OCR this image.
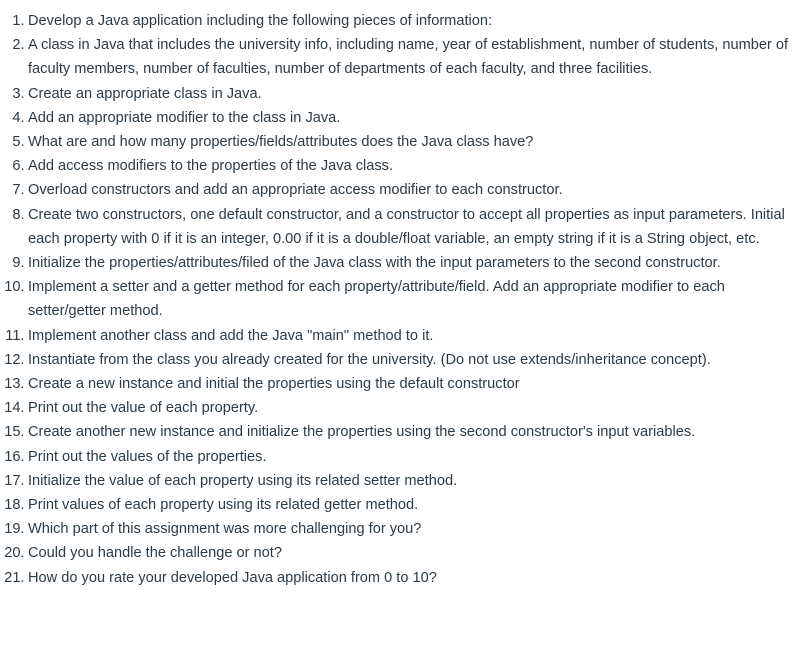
1. Develop a Java application including the following pieces of information:
2. A class in Java that includes the university info, including name, year of establishment, number of students, number of faculty members, number of faculties, number of departments of each faculty, and three facilities.
3. Create an appropriate class in Java.
4. Add an appropriate modifier to the class in Java.
5. What are and how many properties/fields/attributes does the Java class have?
6. Add access modifiers to the properties of the Java class.
7. Overload constructors and add an appropriate access modifier to each constructor.
8. Create two constructors, one default constructor, and a constructor to accept all properties as input parameters. Initial each property with 0 if it is an integer, 0.00 if it is a double/float variable, an empty string if it is a String object, etc.
9. Initialize the properties/attributes/filed of the Java class with the input parameters to the second constructor.
10. Implement a setter and a getter method for each property/attribute/field. Add an appropriate modifier to each setter/getter method.
11. Implement another class and add the Java "main" method to it.
12. Instantiate from the class you already created for the university. (Do not use extends/inheritance concept).
13. Create a new instance and initial the properties using the default constructor
14. Print out the value of each property.
15. Create another new instance and initialize the properties using the second constructor's input variables.
16. Print out the values of the properties.
17. Initialize the value of each property using its related setter method.
18. Print values of each property using its related getter method.
19. Which part of this assignment was more challenging for you?
20. Could you handle the challenge or not?
21. How do you rate your developed Java application from 0 to 10?
